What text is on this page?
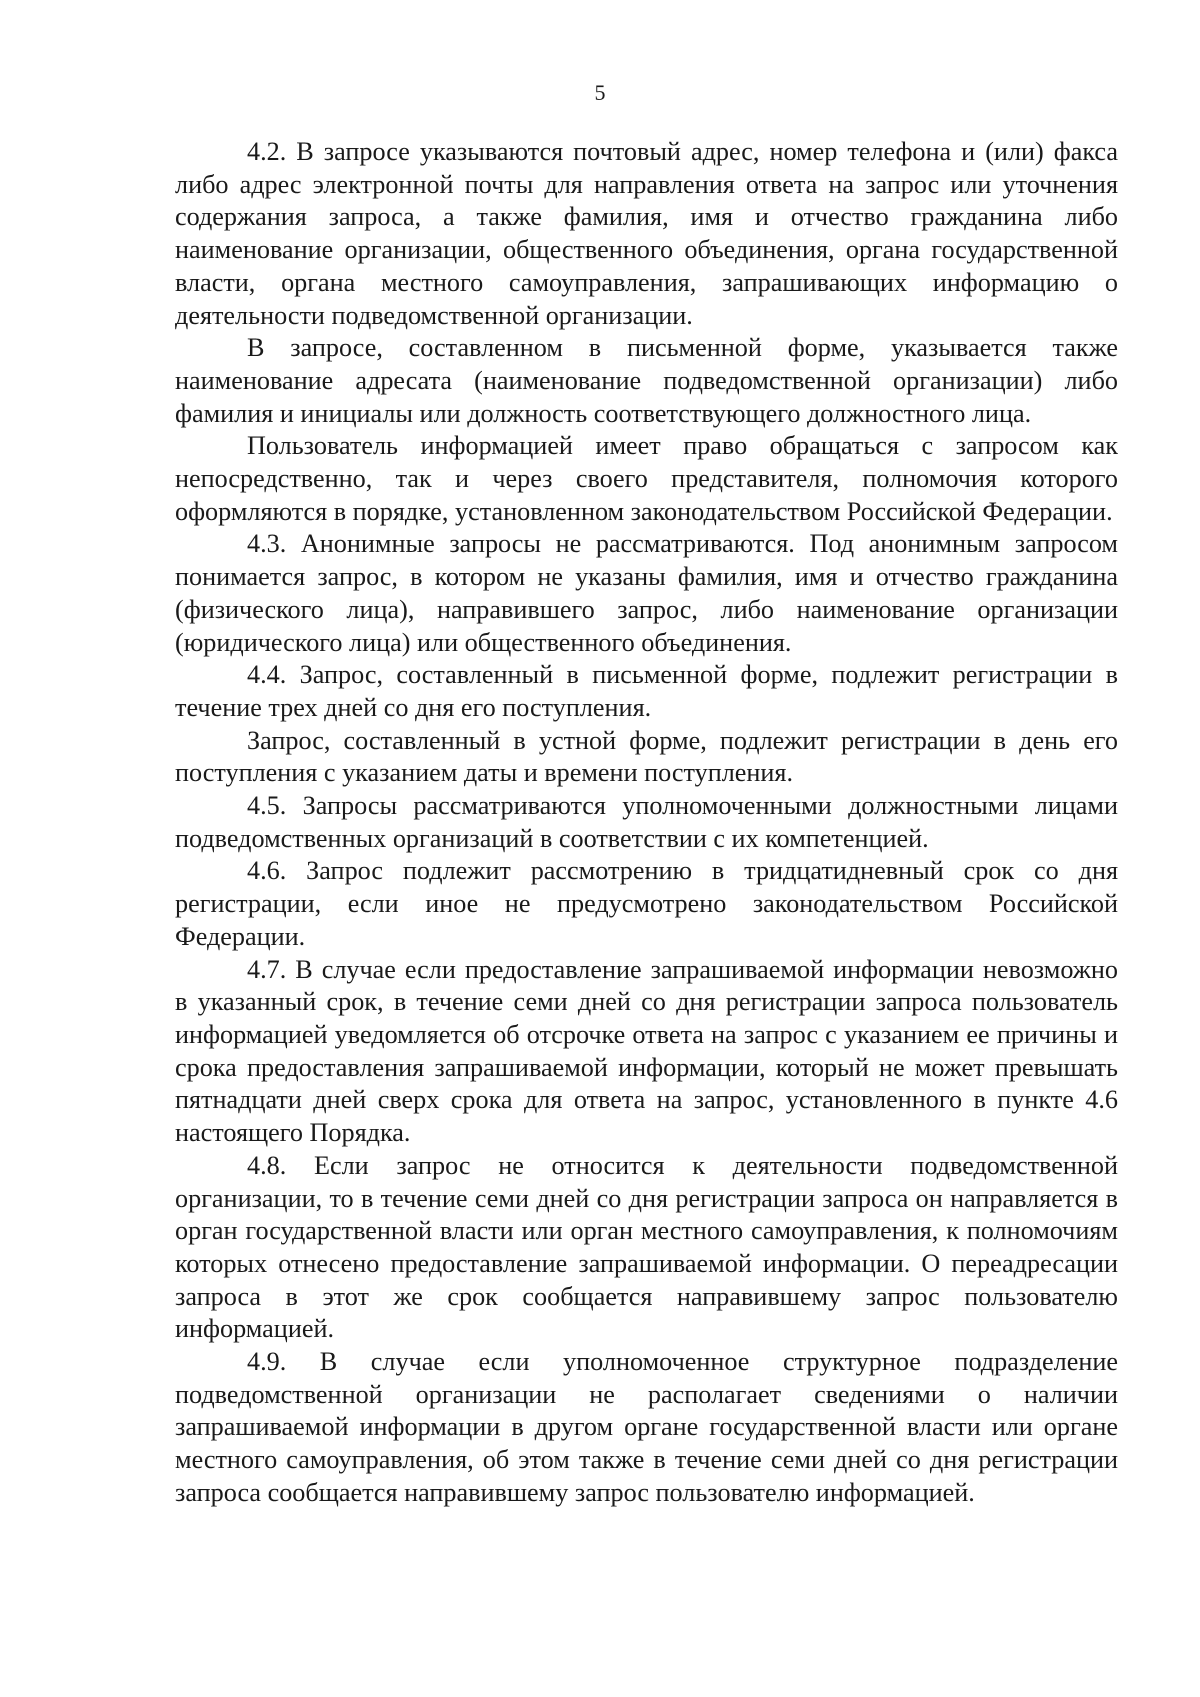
5

4.2. В запросе указываются почтовый адрес, номер телефона и (или) факса либо адрес электронной почты для направления ответа на запрос или уточнения содержания запроса, а также фамилия, имя и отчество гражданина либо наименование организации, общественного объединения, органа государственной власти, органа местного самоуправления, запрашивающих информацию о деятельности подведомственной организации.

В запросе, составленном в письменной форме, указывается также наименование адресата (наименование подведомственной организации) либо фамилия и инициалы или должность соответствующего должностного лица.

Пользователь информацией имеет право обращаться с запросом как непосредственно, так и через своего представителя, полномочия которого оформляются в порядке, установленном законодательством Российской Федерации.

4.3. Анонимные запросы не рассматриваются. Под анонимным запросом понимается запрос, в котором не указаны фамилия, имя и отчество гражданина (физического лица), направившего запрос, либо наименование организации (юридического лица) или общественного объединения.

4.4. Запрос, составленный в письменной форме, подлежит регистрации в течение трех дней со дня его поступления.

Запрос, составленный в устной форме, подлежит регистрации в день его поступления с указанием даты и времени поступления.

4.5. Запросы рассматриваются уполномоченными должностными лицами подведомственных организаций в соответствии с их компетенцией.

4.6. Запрос подлежит рассмотрению в тридцатидневный срок со дня регистрации, если иное не предусмотрено законодательством Российской Федерации.

4.7. В случае если предоставление запрашиваемой информации невозможно в указанный срок, в течение семи дней со дня регистрации запроса пользователь информацией уведомляется об отсрочке ответа на запрос с указанием ее причины и срока предоставления запрашиваемой информации, который не может превышать пятнадцати дней сверх срока для ответа на запрос, установленного в пункте 4.6 настоящего Порядка.

4.8. Если запрос не относится к деятельности подведомственной организации, то в течение семи дней со дня регистрации запроса он направляется в орган государственной власти или орган местного самоуправления, к полномочиям которых отнесено предоставление запрашиваемой информации. О переадресации запроса в этот же срок сообщается направившему запрос пользователю информацией.

4.9. В случае если уполномоченное структурное подразделение подведомственной организации не располагает сведениями о наличии запрашиваемой информации в другом органе государственной власти или органе местного самоуправления, об этом также в течение семи дней со дня регистрации запроса сообщается направившему запрос пользователю информацией.
